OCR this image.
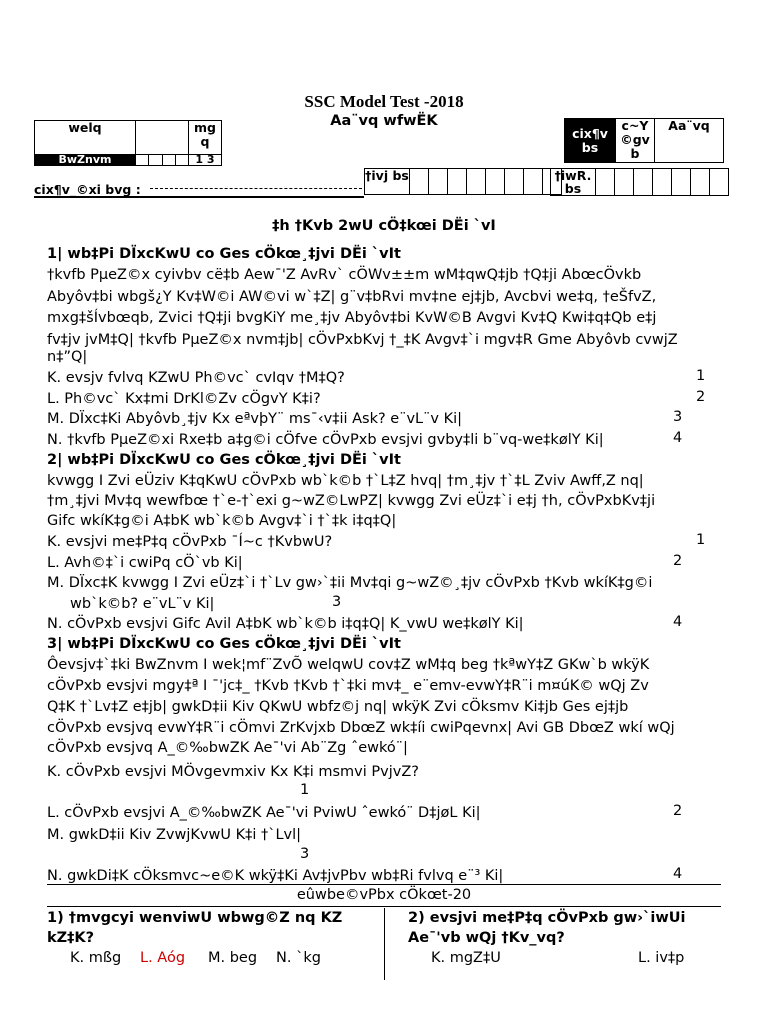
SSC Model Test -2018
Aa¨vq wfwËK
welq		mg q
BwZnvm		1 3
cix¶v bs	c~Y ©gv b	Aa¨vq
cix¶v_©xi bvg :
†ivj bs									†iwR. bs							
‡h †Kvb 2wU cÖ‡kœi DËi `vI
1| wb‡Pi DÏxcKwU co Ges cÖkœ¸‡jvi DËi `vIt
†kvfb PµeZ©x cyivbv cë‡b Aew¯'Z AvRv` cÖWv±±m wM‡qwQ‡jb †Q‡ji AbœcÖvkb
Abyôv‡bi wbgš¿Y Kv‡W©i AW©vi w`‡Z| g¨v‡bRvi mv‡ne ej‡jb, Avcbvi we‡q, †eŠfvZ,
mxg‡šÍvbœqb, Zvici †Q‡ji bvgKiY me¸‡jv Abyôv‡bi KvW©B Avgvi Kv‡Q Kwi‡q‡Qb e‡j
fv‡jv jvM‡Q| †kvfb PµeZ©x nvm‡jb| cÖvPxbKvj †_‡K Avgv‡`i mgv‡R Gme Abyôvb cvwjZ
n‡”Q|
K. evsjv fvlvq KZwU Ph©vc` cvIqv †M‡Q?	1
L. Ph©vc` Kx‡mi DrKl©Zv cÖgvY K‡i?	2
M. DÏxc‡Ki Abyôvb¸‡jv Kx eªvþY¨ ms¯‹v‡ii Ask? e¨vL¨v Ki|	3
N. †kvfb PµeZ©xi Rxe‡b a‡g©i cÖfve cÖvPxb evsjvi gvby‡li b¨vq-we‡kølY Ki|	4
2| wb‡Pi DÏxcKwU co Ges cÖkœ¸‡jvi DËi `vIt
kvwgg I Zvi eÜziv K‡qKwU cÖvPxb wb`k©b †`L‡Z hvq| †m¸‡jv †`‡L Zviv Awff‚Z nq|
†m¸‡jvi Mv‡q wewfbœ †`e-†`exi g~wZ©LwPZ| kvwgg Zvi eÜz‡`i e‡j †h, cÖvPxbKv‡ji
Gifc wkíK‡g©i A‡bK wb`k©b Avgv‡`i †`‡k i‡q‡Q|
K. evsjvi me‡P‡q cÖvPxb ¯Í~c †KvbwU?	1
L. Avh©‡`i cwiPq cÖ`vb Ki|	2
M. DÏxc‡K kvwgg I Zvi eÜz‡`i †`Lv gw›`‡ii Mv‡qi g~wZ©¸‡jv cÖvPxb †Kvb wkíK‡g©i
wb`k©b? e¨vL¨v Ki|	3
N. cÖvPxb evsjvi Gifc Avil A‡bK wb`k©b i‡q‡Q| K_vwU we‡kølY Ki|	4
3| wb‡Pi DÏxcKwU co Ges cÖkœ¸‡jvi DËi `vIt
Ôevsjv‡`‡ki BwZnvm I wek¦mf¨ZvÕ welqwU cov‡Z wM‡q beg †kªwY‡Z GKw`b wkÿK
cÖvPxb evsjvi mgy‡ª I ¯'jc‡_ †Kvb †Kvb †`‡ki mv‡_ e¨emv-evwY‡R¨i m¤úK© wQj Zv
Q‡K †`Lv‡Z e‡jb| gwkD‡ii Kiv QKwU wbfz©j nq| wkÿK Zvi cÖksmv Ki‡jb Ges ej‡jb
cÖvPxb evsjvq evwY‡R¨i cÖmvi ZrKvjxb DbœZ wk‡íi cwiPqevnx| Avi GB DbœZ wkí wQj
cÖvPxb evsjvq A_©‰bwZK Ae¯'vi Ab¨Zg ˆewkó¨|
K. cÖvPxb evsjvi MÖvgevmxiv Kx K‡i msmvi PvjvZ?
1
L. cÖvPxb evsjvi A_©‰bwZK Ae¯'vi PviwU ˆewkó¨ D‡jøL Ki|	2
M. gwkD‡ii Kiv ZvwjKvwU K‡i †`Lvl|
3
N. gwkDi‡K cÖksmvc~e©K wkÿ‡Ki Av‡jvPbv wb‡Ri fvlvq e¨³ Ki|	4
eûwbe©vPbx cÖkœt-20
1) †mvgcyi wenviwU wbwg©Z nq KZ kZ‡K?
K. mßg L. Aóg M. beg N. `kg
2) evsjvi me‡P‡q cÖvPxb gw›`iwUi Ae¯'vb wQj †Kv_vq?
K. mgZ‡U	L. iv‡p
